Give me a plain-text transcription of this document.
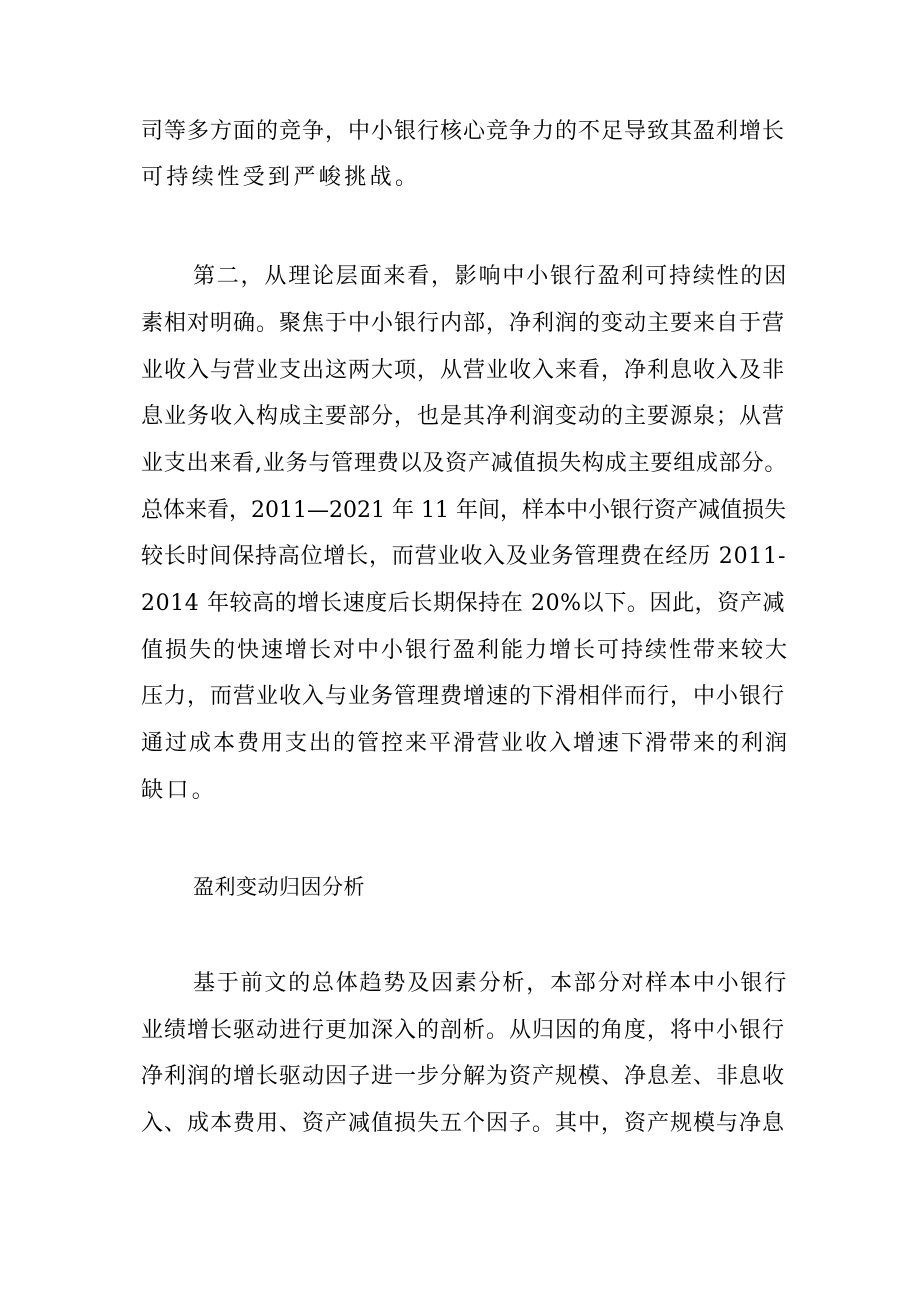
司等多方面的竞争，中小银行核心竞争力的不足导致其盈利增长
可持续性受到严峻挑战。
第二，从理论层面来看，影响中小银行盈利可持续性的因
素相对明确。聚焦于中小银行内部，净利润的变动主要来自于营
业收入与营业支出这两大项，从营业收入来看，净利息收入及非
息业务收入构成主要部分，也是其净利润变动的主要源泉；从营
业支出来看,业务与管理费以及资产减值损失构成主要组成部分。
总体来看，2011—2021 年 11 年间，样本中小银行资产减值损失
较长时间保持高位增长，而营业收入及业务管理费在经历 2011-
2014 年较高的增长速度后长期保持在 20%以下。因此，资产减
值损失的快速增长对中小银行盈利能力增长可持续性带来较大
压力，而营业收入与业务管理费增速的下滑相伴而行，中小银行
通过成本费用支出的管控来平滑营业收入增速下滑带来的利润
缺口。
盈利变动归因分析
基于前文的总体趋势及因素分析，本部分对样本中小银行
业绩增长驱动进行更加深入的剖析。从归因的角度，将中小银行
净利润的增长驱动因子进一步分解为资产规模、净息差、非息收
入、成本费用、资产减值损失五个因子。其中，资产规模与净息
